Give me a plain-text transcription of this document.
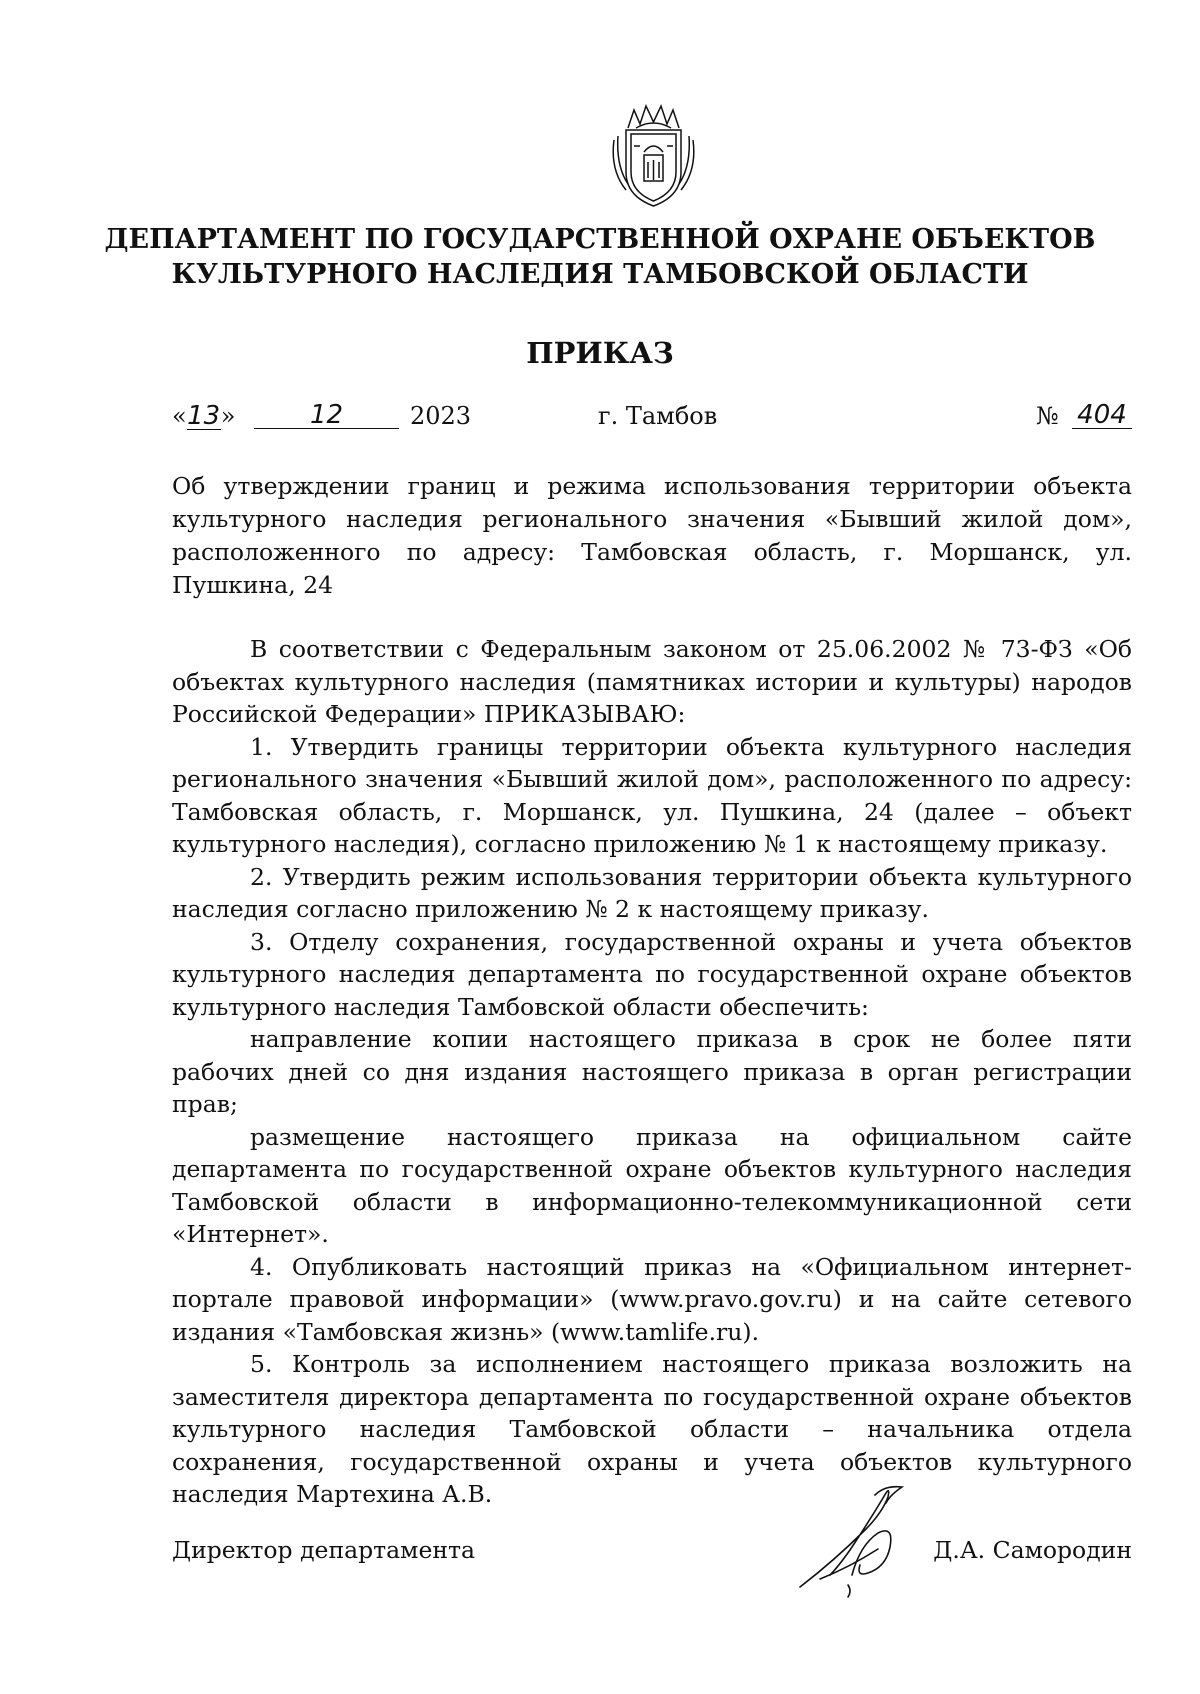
ДЕПАРТАМЕНТ ПО ГОСУДАРСТВЕННОЙ ОХРАНЕ ОБЪЕКТОВ
КУЛЬТУРНОГО НАСЛЕДИЯ ТАМБОВСКОЙ ОБЛАСТИ
ПРИКАЗ
«13»	12	2023	г. Тамбов	№ 404
Об утверждении границ и режима использования территории объекта культурного наследия регионального значения «Бывший жилой дом», расположенного по адресу: Тамбовская область, г. Моршанск, ул. Пушкина, 24

В соответствии с Федеральным законом от 25.06.2002 № 73-ФЗ «Об объектах культурного наследия (памятниках истории и культуры) народов Российской Федерации» ПРИКАЗЫВАЮ:

1. Утвердить границы территории объекта культурного наследия регионального значения «Бывший жилой дом», расположенного по адресу: Тамбовская область, г. Моршанск, ул. Пушкина, 24 (далее – объект культурного наследия), согласно приложению № 1 к настоящему приказу.

2. Утвердить режим использования территории объекта культурного наследия согласно приложению № 2 к настоящему приказу.

3. Отделу сохранения, государственной охраны и учета объектов культурного наследия департамента по государственной охране объектов культурного наследия Тамбовской области обеспечить:

направление копии настоящего приказа в срок не более пяти рабочих дней со дня издания настоящего приказа в орган регистрации прав;

размещение настоящего приказа на официальном сайте департамента по государственной охране объектов культурного наследия Тамбовской области в информационно-телекоммуникационной сети «Интернет».

4. Опубликовать настоящий приказ на «Официальном интернет-портале правовой информации» (www.pravo.gov.ru) и на сайте сетевого издания «Тамбовская жизнь» (www.tamlife.ru).

5. Контроль за исполнением настоящего приказа возложить на заместителя директора департамента по государственной охране объектов культурного наследия Тамбовской области – начальника отдела сохранения, государственной охраны и учета объектов культурного наследия Мартехина А.В.

Директор департамента	Д.А. Самородин
